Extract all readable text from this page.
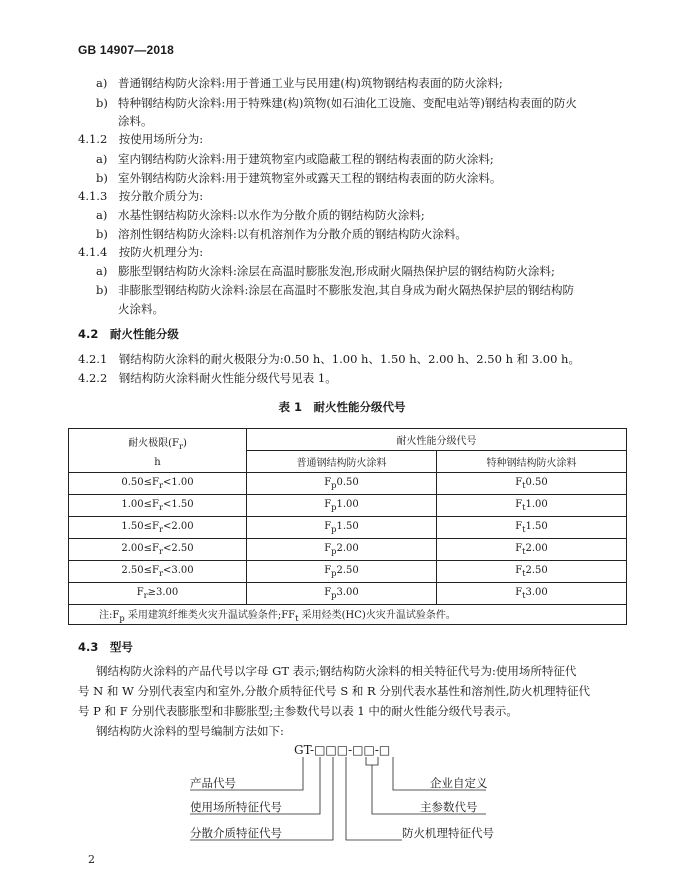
GB 14907—2018
a) 普通钢结构防火涂料:用于普通工业与民用建(构)筑物钢结构表面的防火涂料;
b) 特种钢结构防火涂料:用于特殊建(构)筑物(如石油化工设施、变配电站等)钢结构表面的防火
涂料。
4.1.2　按使用场所分为:
a) 室内钢结构防火涂料:用于建筑物室内或隐蔽工程的钢结构表面的防火涂料;
b) 室外钢结构防火涂料:用于建筑物室外或露天工程的钢结构表面的防火涂料。
4.1.3　按分散介质分为:
a) 水基性钢结构防火涂料:以水作为分散介质的钢结构防火涂料;
b) 溶剂性钢结构防火涂料:以有机溶剂作为分散介质的钢结构防火涂料。
4.1.4　按防火机理分为:
a) 膨胀型钢结构防火涂料:涂层在高温时膨胀发泡,形成耐火隔热保护层的钢结构防火涂料;
b) 非膨胀型钢结构防火涂料:涂层在高温时不膨胀发泡,其自身成为耐火隔热保护层的钢结构防
火涂料。
4.2　耐火性能分级
4.2.1　钢结构防火涂料的耐火极限分为:0.50 h、1.00 h、1.50 h、2.00 h、2.50 h 和 3.00 h。
4.2.2　钢结构防火涂料耐火性能分级代号见表 1。
表 1　耐火性能分级代号
耐火极限$(F_r)$
h	耐火性能分级代号	
	普通钢结构防火涂料	特种钢结构防火涂料
$0.50\le F_r<1.00$	$F_p0.50$	$F_t0.50$
$1.00\le F_r<1.50$	$F_p1.00$	$F_t1.00$
$1.50\le F_r<2.00$	$F_p1.50$	$F_t1.50$
$2.00\le F_r<2.50$	$F_p2.00$	$F_t2.00$
$2.50\le F_r<3.00$	$F_p2.50$	$F_t2.50$
$F_r\ge 3.00$	$F_p3.00$	$F_t3.00$
注$:F_p$ 采用建筑纤维类火灾升温试验条件$;FF_t$ 采用烃类(HC)火灾升温试验条件。		
4.3　型号
钢结构防火涂料的产品代号以字母 GT 表示;钢结构防火涂料的相关特征代号为:使用场所特征代
号 N 和 W 分别代表室内和室外,分散介质特征代号 S 和 R 分别代表水基性和溶剂性,防火机理特征代
号 P 和 F 分别代表膨胀型和非膨胀型;主参数代号以表 1 中的耐火性能分级代号表示。
钢结构防火涂料的型号编制方法如下:
GT-□□□-□□-□
产品代号
使用场所特征代号
分散介质特征代号
企业自定义
主参数代号
防火机理特征代号
2
